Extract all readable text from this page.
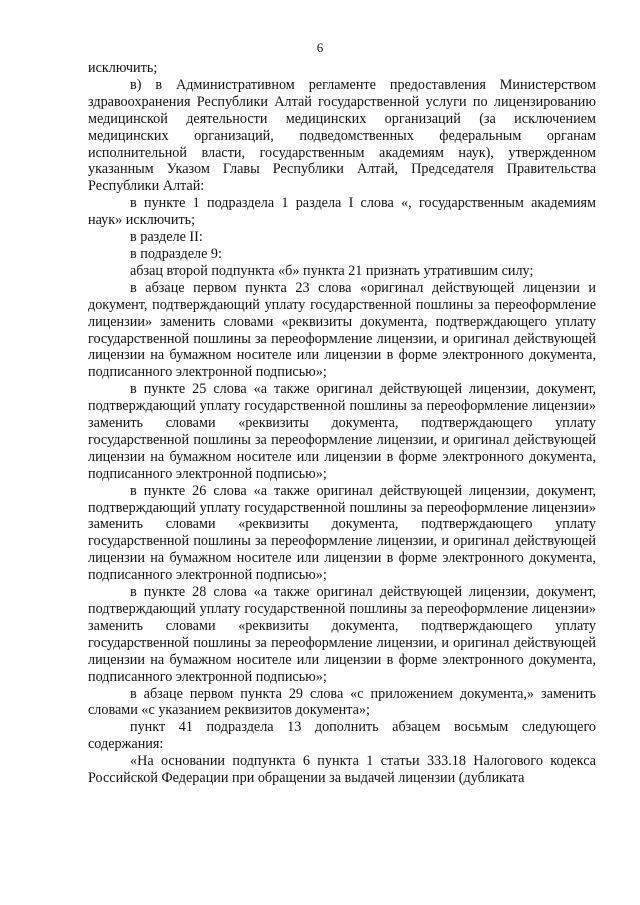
6

исключить;

в) в Административном регламенте предоставления Министерством здравоохранения Республики Алтай государственной услуги по лицензированию медицинской деятельности медицинских организаций (за исключением медицинских организаций, подведомственных федеральным органам исполнительной власти, государственным академиям наук), утвержденном указанным Указом Главы Республики Алтай, Председателя Правительства Республики Алтай:

в пункте 1 подраздела 1 раздела I слова «, государственным академиям наук» исключить;

в разделе II:

в подразделе 9:

абзац второй подпункта «б» пункта 21 признать утратившим силу;

в абзаце первом пункта 23 слова «оригинал действующей лицензии и документ, подтверждающий уплату государственной пошлины за переоформление лицензии» заменить словами «реквизиты документа, подтверждающего уплату государственной пошлины за переоформление лицензии, и оригинал действующей лицензии на бумажном носителе или лицензии в форме электронного документа, подписанного электронной подписью»;

в пункте 25 слова «а также оригинал действующей лицензии, документ, подтверждающий уплату государственной пошлины за переоформление лицензии» заменить словами «реквизиты документа, подтверждающего уплату государственной пошлины за переоформление лицензии, и оригинал действующей лицензии на бумажном носителе или лицензии в форме электронного документа, подписанного электронной подписью»;

в пункте 26 слова «а также оригинал действующей лицензии, документ, подтверждающий уплату государственной пошлины за переоформление лицензии» заменить словами «реквизиты документа, подтверждающего уплату государственной пошлины за переоформление лицензии, и оригинал действующей лицензии на бумажном носителе или лицензии в форме электронного документа, подписанного электронной подписью»;

в пункте 28 слова «а также оригинал действующей лицензии, документ, подтверждающий уплату государственной пошлины за переоформление лицензии» заменить словами «реквизиты документа, подтверждающего уплату государственной пошлины за переоформление лицензии, и оригинал действующей лицензии на бумажном носителе или лицензии в форме электронного документа, подписанного электронной подписью»;

в абзаце первом пункта 29 слова «с приложением документа,» заменить словами «с указанием реквизитов документа»;

пункт 41 подраздела 13 дополнить абзацем восьмым следующего содержания:

«На основании подпункта 6 пункта 1 статьи 333.18 Налогового кодекса Российской Федерации при обращении за выдачей лицензии (дубликата
